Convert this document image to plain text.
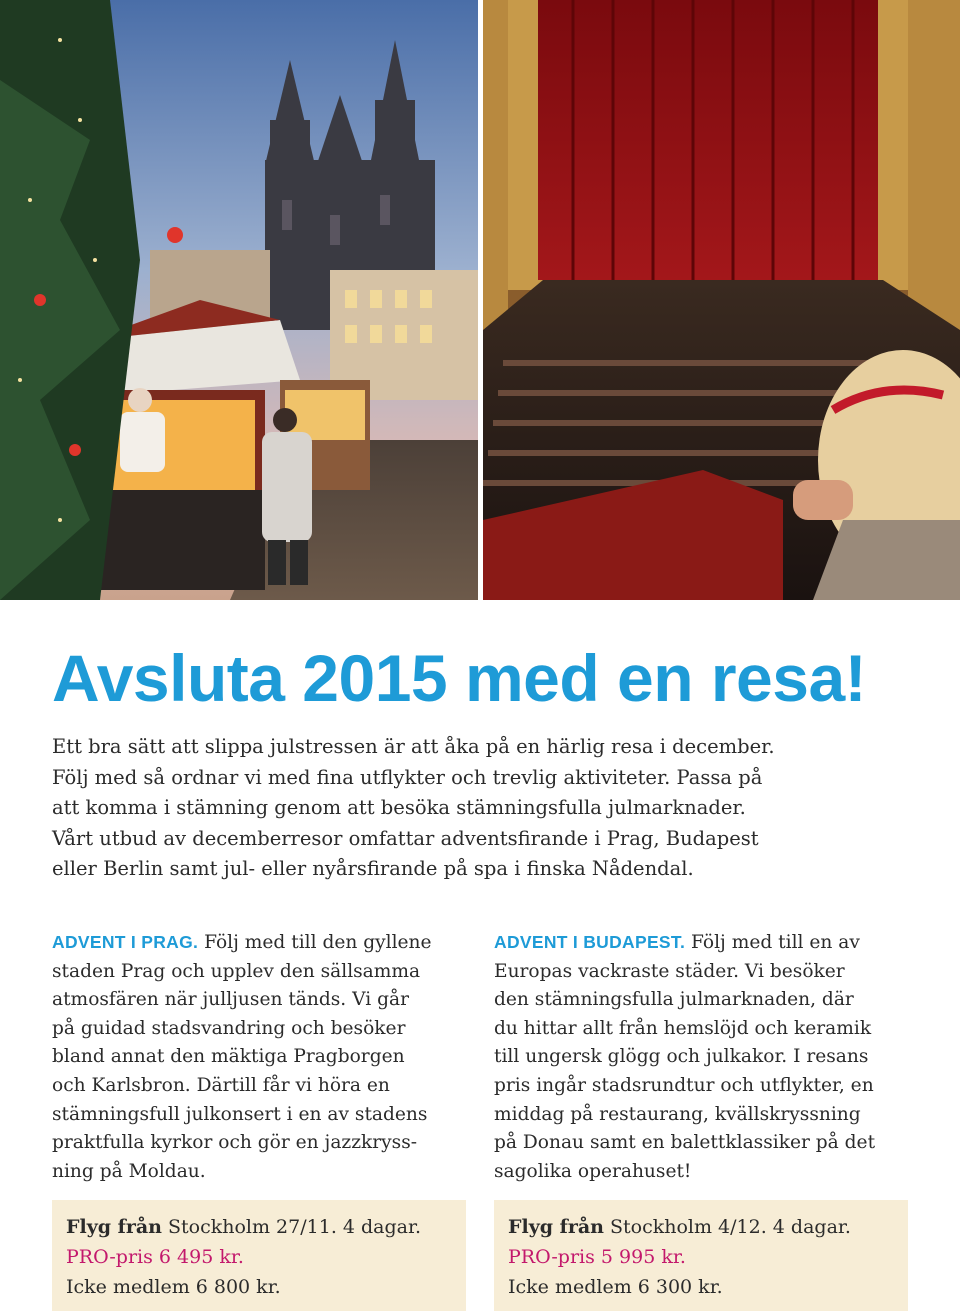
Avsluta 2015 med en resa!

Ett bra sätt att slippa julstressen är att åka på en härlig resa i december.

Följ med så ordnar vi med fina utflykter och trevlig aktiviteter. Passa på

att komma i stämning genom att besöka stämningsfulla julmarknader.

Vårt utbud av decemberresor omfattar adventsfirande i Prag, Budapest

eller Berlin samt jul- eller nyårsfirande på spa i finska Nådendal.

ADVENT I PRAG. Följ med till den gyllene

staden Prag och upplev den sällsamma

atmosfären när julljusen tänds. Vi går

på guidad stadsvandring och besöker

bland annat den mäktiga Pragborgen

och Karlsbron. Därtill får vi höra en

stämningsfull julkonsert i en av stadens

praktfulla kyrkor och gör en jazzkryss-

ning på Moldau.

ADVENT I BUDAPEST. Följ med till en av

Europas vackraste städer. Vi besöker

den stämningsfulla julmarknaden, där

du hittar allt från hemslöjd och keramik

till ungersk glögg och julkakor. I resans

pris ingår stadsrundtur och utflykter, en

middag på restaurang, kvällskryssning

på Donau samt en balettklassiker på det

sagolika operahuset!

Flyg från Stockholm 27/11. 4 dagar.
PRO-pris 6 495 kr.
Icke medlem 6 800 kr.
Flyg från Stockholm 4/12. 4 dagar.
PRO-pris 5 995 kr.
Icke medlem 6 300 kr.
